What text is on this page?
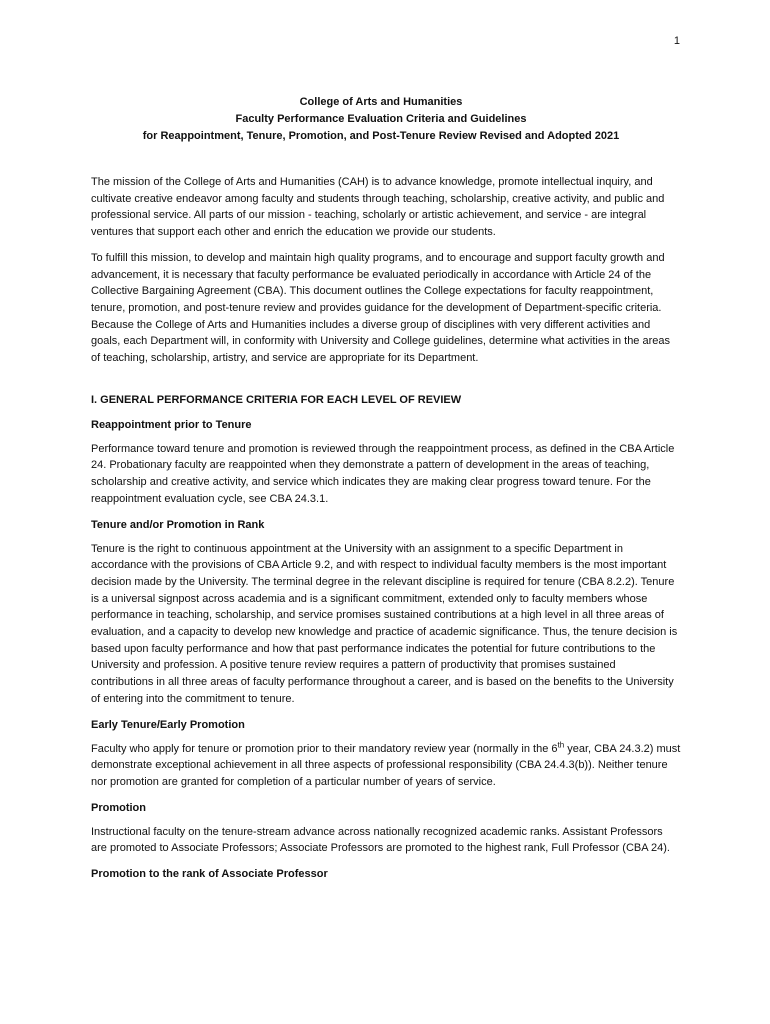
1
College of Arts and Humanities
Faculty Performance Evaluation Criteria and Guidelines
for Reappointment, Tenure, Promotion, and Post-Tenure Review Revised and Adopted 2021

The mission of the College of Arts and Humanities (CAH) is to advance knowledge, promote intellectual inquiry, and cultivate creative endeavor among faculty and students through teaching, scholarship, creative activity, and public and professional service. All parts of our mission - teaching, scholarly or artistic achievement, and service - are integral ventures that support each other and enrich the education we provide our students.

To fulfill this mission, to develop and maintain high quality programs, and to encourage and support faculty growth and advancement, it is necessary that faculty performance be evaluated periodically in accordance with Article 24 of the Collective Bargaining Agreement (CBA). This document outlines the College expectations for faculty reappointment, tenure, promotion, and post-tenure review and provides guidance for the development of Department-specific criteria. Because the College of Arts and Humanities includes a diverse group of disciplines with very different activities and goals, each Department will, in conformity with University and College guidelines, determine what activities in the areas of teaching, scholarship, artistry, and service are appropriate for its Department.

I. GENERAL PERFORMANCE CRITERIA FOR EACH LEVEL OF REVIEW
Reappointment prior to Tenure

Performance toward tenure and promotion is reviewed through the reappointment process, as defined in the CBA Article 24. Probationary faculty are reappointed when they demonstrate a pattern of development in the areas of teaching, scholarship and creative activity, and service which indicates they are making clear progress toward tenure. For the reappointment evaluation cycle, see CBA 24.3.1.

Tenure and/or Promotion in Rank

Tenure is the right to continuous appointment at the University with an assignment to a specific Department in accordance with the provisions of CBA Article 9.2, and with respect to individual faculty members is the most important decision made by the University. The terminal degree in the relevant discipline is required for tenure (CBA 8.2.2). Tenure is a universal signpost across academia and is a significant commitment, extended only to faculty members whose performance in teaching, scholarship, and service promises sustained contributions at a high level in all three areas of evaluation, and a capacity to develop new knowledge and practice of academic significance. Thus, the tenure decision is based upon faculty performance and how that past performance indicates the potential for future contributions to the University and profession. A positive tenure review requires a pattern of productivity that promises sustained contributions in all three areas of faculty performance throughout a career, and is based on the benefits to the University of entering into the commitment to tenure.

Early Tenure/Early Promotion

Faculty who apply for tenure or promotion prior to their mandatory review year (normally in the 6th year, CBA 24.3.2) must demonstrate exceptional achievement in all three aspects of professional responsibility (CBA 24.4.3(b)). Neither tenure nor promotion are granted for completion of a particular number of years of service.

Promotion

Instructional faculty on the tenure-stream advance across nationally recognized academic ranks. Assistant Professors are promoted to Associate Professors; Associate Professors are promoted to the highest rank, Full Professor (CBA 24).

Promotion to the rank of Associate Professor
